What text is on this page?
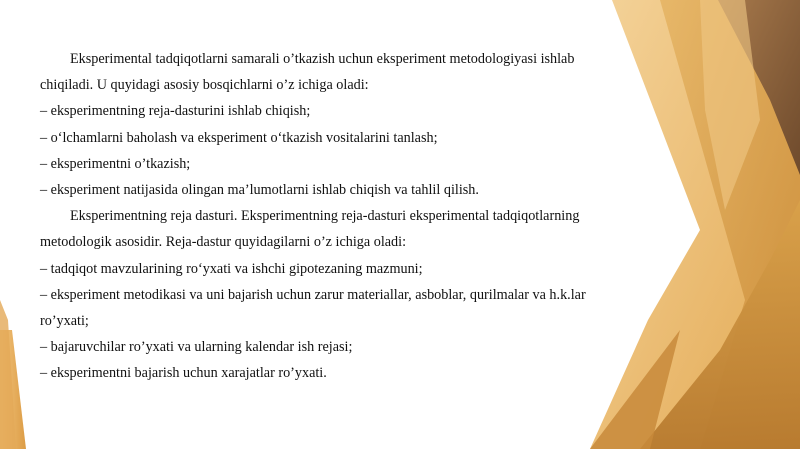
Eksperimental tadqiqotlarni samarali o’tkazish uchun eksperiment metodologiyasi ishlab

chiqiladi. U quyidagi asosiy bosqichlarni o’z ichiga oladi:

– eksperimentning reja-dasturini ishlab chiqish;

– o‘lchamlarni baholash va eksperiment o‘tkazish vositalarini tanlash;

– eksperimentni o’tkazish;

– eksperiment natijasida olingan ma’lumotlarni ishlab chiqish va tahlil qilish.

Eksperimentning reja dasturi. Eksperimentning reja-dasturi eksperimental tadqiqotlarning

metodologik asosidir. Reja-dastur quyidagilarni o’z ichiga oladi:

– tadqiqot mavzularining ro‘yxati va ishchi gipotezaning mazmuni;

– eksperiment metodikasi va uni bajarish uchun zarur materiallar, asboblar, qurilmalar va h.k.lar

ro’yxati;

– bajaruvchilar ro’yxati va ularning kalendar ish rejasi;

– eksperimentni bajarish uchun xarajatlar ro’yxati.
